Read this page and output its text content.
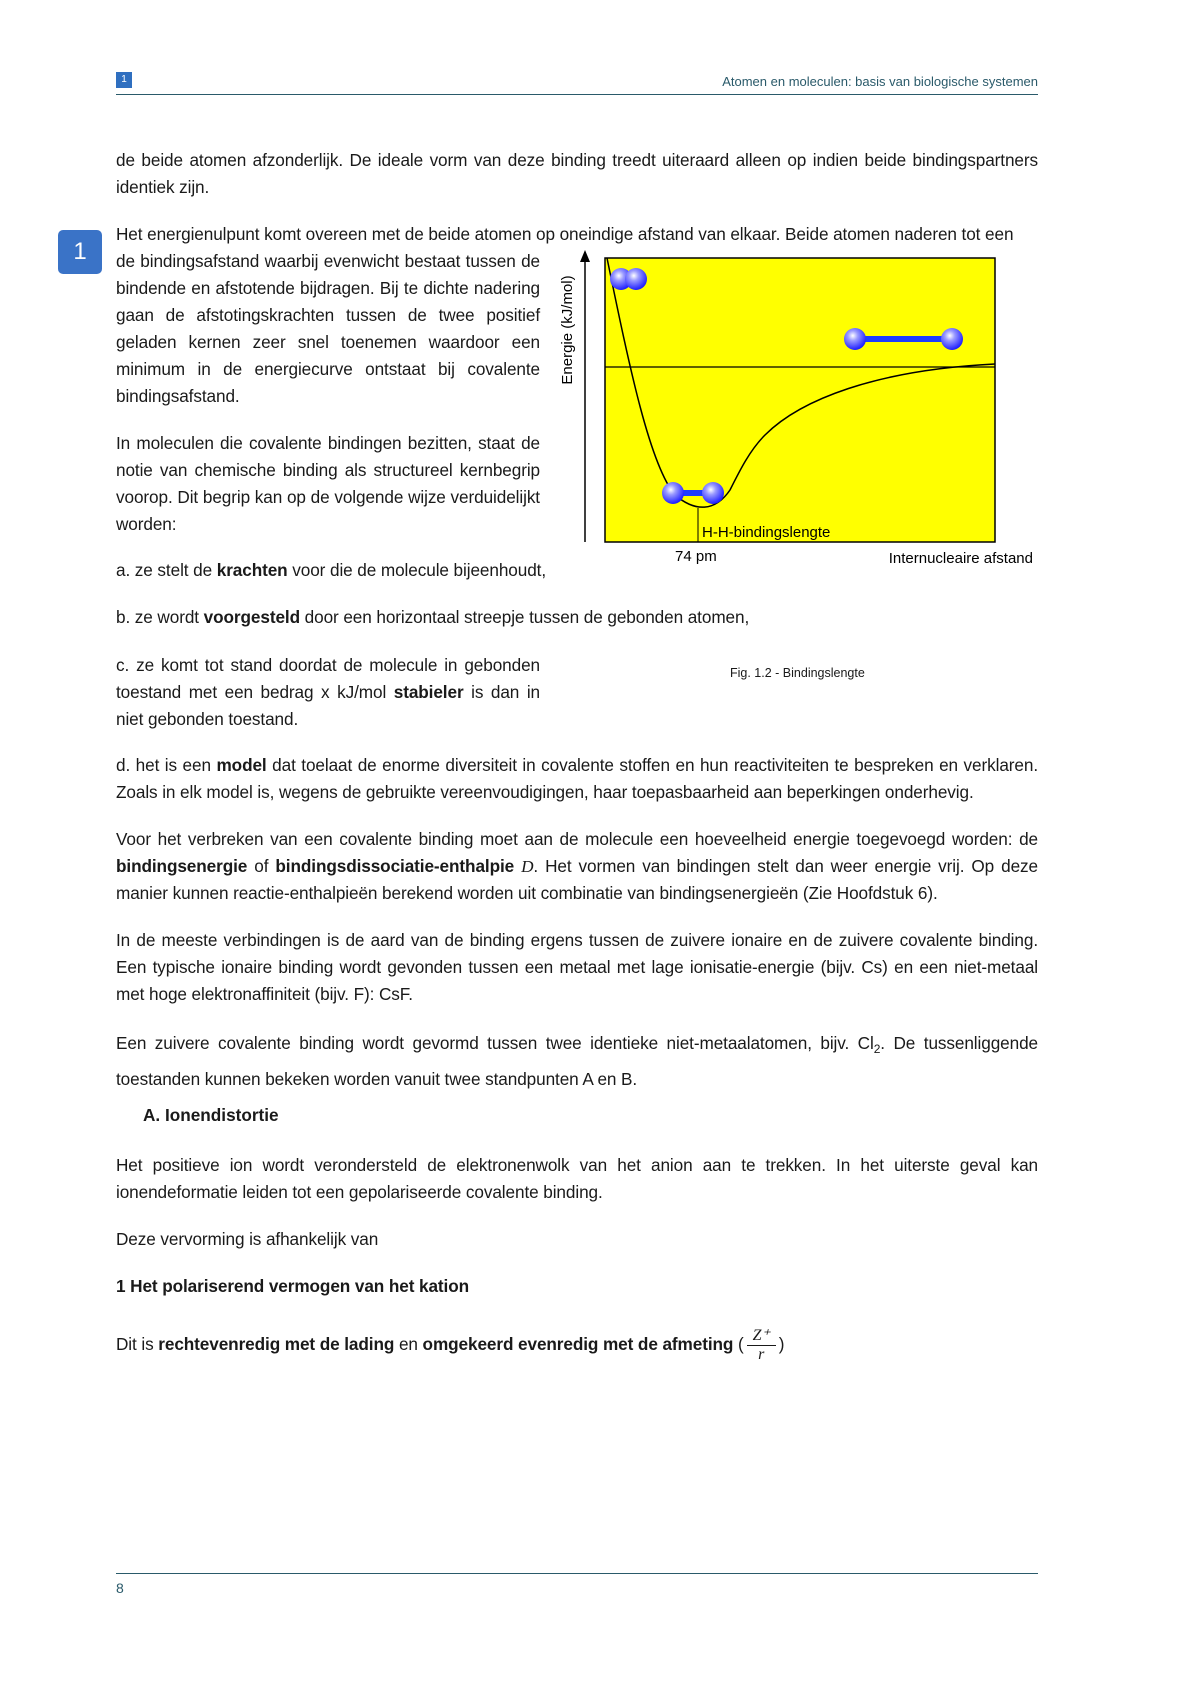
1	Atomen en moleculen: basis van biologische systemen
1

de beide atomen afzonderlijk. De ideale vorm van deze binding treedt uiteraard alleen op indien beide bindingspartners identiek zijn.

Het energienulpunt komt overeen met de beide atomen op oneindige afstand van elkaar. Beide atomen naderen tot een

de bindingsafstand waarbij evenwicht bestaat tussen de bindende en afstotende bijdragen. Bij te dichte nadering gaan de afstotingskrachten tussen de twee positief geladen kernen zeer snel toenemen waardoor een minimum in de energiecurve ontstaat bij covalente bindingsafstand.

In moleculen die covalente bindingen bezitten, staat de notie van chemische binding als structureel kernbegrip voorop. Dit begrip kan op de volgende wijze verduidelijkt worden:

a. ze stelt de krachten voor die de molecule bijeenhoudt,

b. ze wordt voorgesteld door een horizontaal streepje tussen de gebonden atomen,

c. ze komt tot stand doordat de molecule in gebonden toestand met een bedrag x kJ/mol stabieler is dan in niet gebonden toestand.

d. het is een model dat toelaat de enorme diversiteit in covalente stoffen en hun reactiviteiten te bespreken en verklaren. Zoals in elk model is, wegens de gebruikte vereenvoudigingen, haar toepasbaarheid aan beperkingen onderhevig.

Voor het verbreken van een covalente binding moet aan de molecule een hoeveelheid energie toegevoegd worden: de bindingsenergie of bindingsdissociatie-enthalpie D. Het vormen van bindingen stelt dan weer energie vrij. Op deze manier kunnen reactie-enthalpieën berekend worden uit combinatie van bindingsenergieën (Zie Hoofdstuk 6).

In de meeste verbindingen is de aard van de binding ergens tussen de zuivere ionaire en de zuivere covalente binding. Een typische ionaire binding wordt gevonden tussen een metaal met lage ionisatie-energie (bijv. Cs) en een niet-metaal met hoge elektronaffiniteit (bijv. F): CsF.

Een zuivere covalente binding wordt gevormd tussen twee identieke niet-metaalatomen, bijv. $Cl_2$. De tussenliggende toestanden kunnen bekeken worden vanuit twee standpunten A en B.

A. Ionendistortie

Het positieve ion wordt verondersteld de elektronenwolk van het anion aan te trekken. In het uiterste geval kan ionendeformatie leiden tot een gepolariseerde covalente binding.

Deze vervorming is afhankelijk van

1 Het polariserend vermogen van het kation

Dit is rechtevenredig met de lading en omgekeerd evenredig met de afmeting ( $\frac{Z^+}{r}$ )

Energie (kJ/mol)
H-H-bindingslengte
74 pm	Internucleaire afstand
Fig. 1.2 - Bindingslengte
8
